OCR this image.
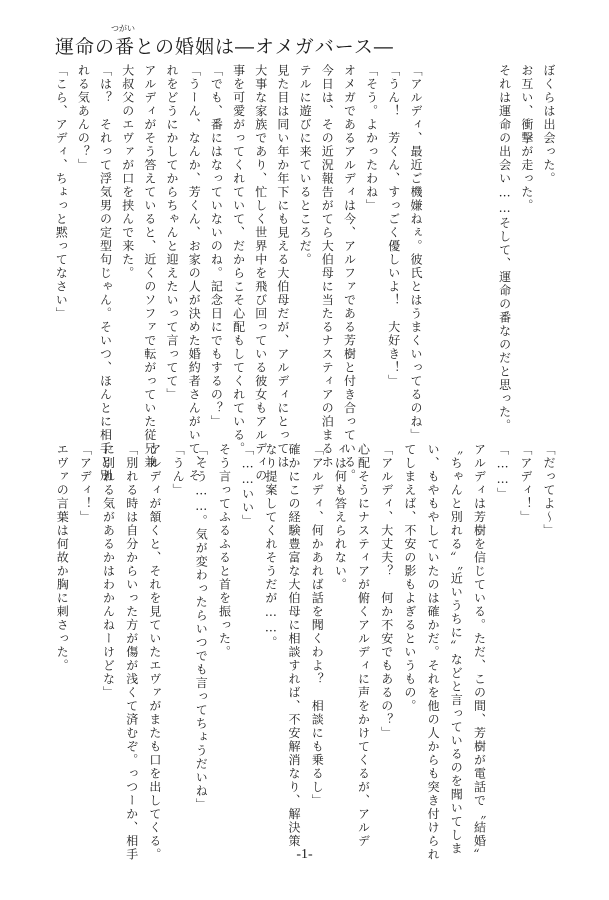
つがい
運命の番との婚姻は―オメガバース―
ぼくらは出会った。
お互い、衝撃が走った。
それは運命の出会い……そして、運命の番なのだと思った。
「アルディ、最近ご機嫌ねぇ。彼氏とはうまくいってるのね」
「うん！　芳くん、すっごく優しいよ！　大好き！」
「そう。よかったわね」
オメガであるアルディは今、アルファである芳樹と付き合っている。
今日は、その近況報告がてら大伯母に当たるナスティアの泊まるホ
テルに遊びに来ているところだ。
見た目は同い年か年下にも見える大伯母だが、アルディにとっては
大事な家族であり、忙しく世界中を飛び回っている彼女もアルディの
事を可愛がってくれていて、だからこそ心配もしてくれている。
「でも、番にはなっていないのね。記念日にでもするの？」
「うーん、なんか、芳くん、お家の人が決めた婚約者さんがいて、そ
れをどうにかしてからちゃんと迎えたいって言ってて」
アルディがそう答えていると、近くのソファで転がっていた従兄兼
大叔父のエヴァが口を挟んで来た。
「は？　それって浮気男の定型句じゃん。そいつ、ほんとに相手と別
れる気あんの？」
「こら、アディ、ちょっと黙ってなさい」
「だってよ～」
「アディ！」
「……」
アルディは芳樹を信じている。ただ、この間、芳樹が電話で〝結婚〟
〝ちゃんと別れる〟〝近いうちに〟などと言っているのを聞いてしま
い、もやもやしていたのは確かだ。それを他の人からも突き付けられ
てしまえば、不安の影もよぎるというもの。
「アルディ、大丈夫？　何か不安でもあるの？」
心配そうにナスティアが俯くアルディに声をかけてくるが、アルデ
ィは何も答えられない。
「アルディ、何かあれば話を聞くわよ？　相談にも乗るし」
確かにこの経験豊富な大伯母に相談すれば、不安解消なり、解決策
なり提案してくれそうだが……。
「……いい」
そう言ってふるふると首を振った。
「そう……。気が変わったらいつでも言ってちょうだいね」
「うん」
アルディが頷くと、それを見ていたエヴァがまたも口を出してくる。
「別れる時は自分からいった方が傷が浅くて済むぞ。っつーか、相手
に別れる気があるかはわかんねーけどな」
「アディ！」
エヴァの言葉は何故か胸に刺さった。
-1-
